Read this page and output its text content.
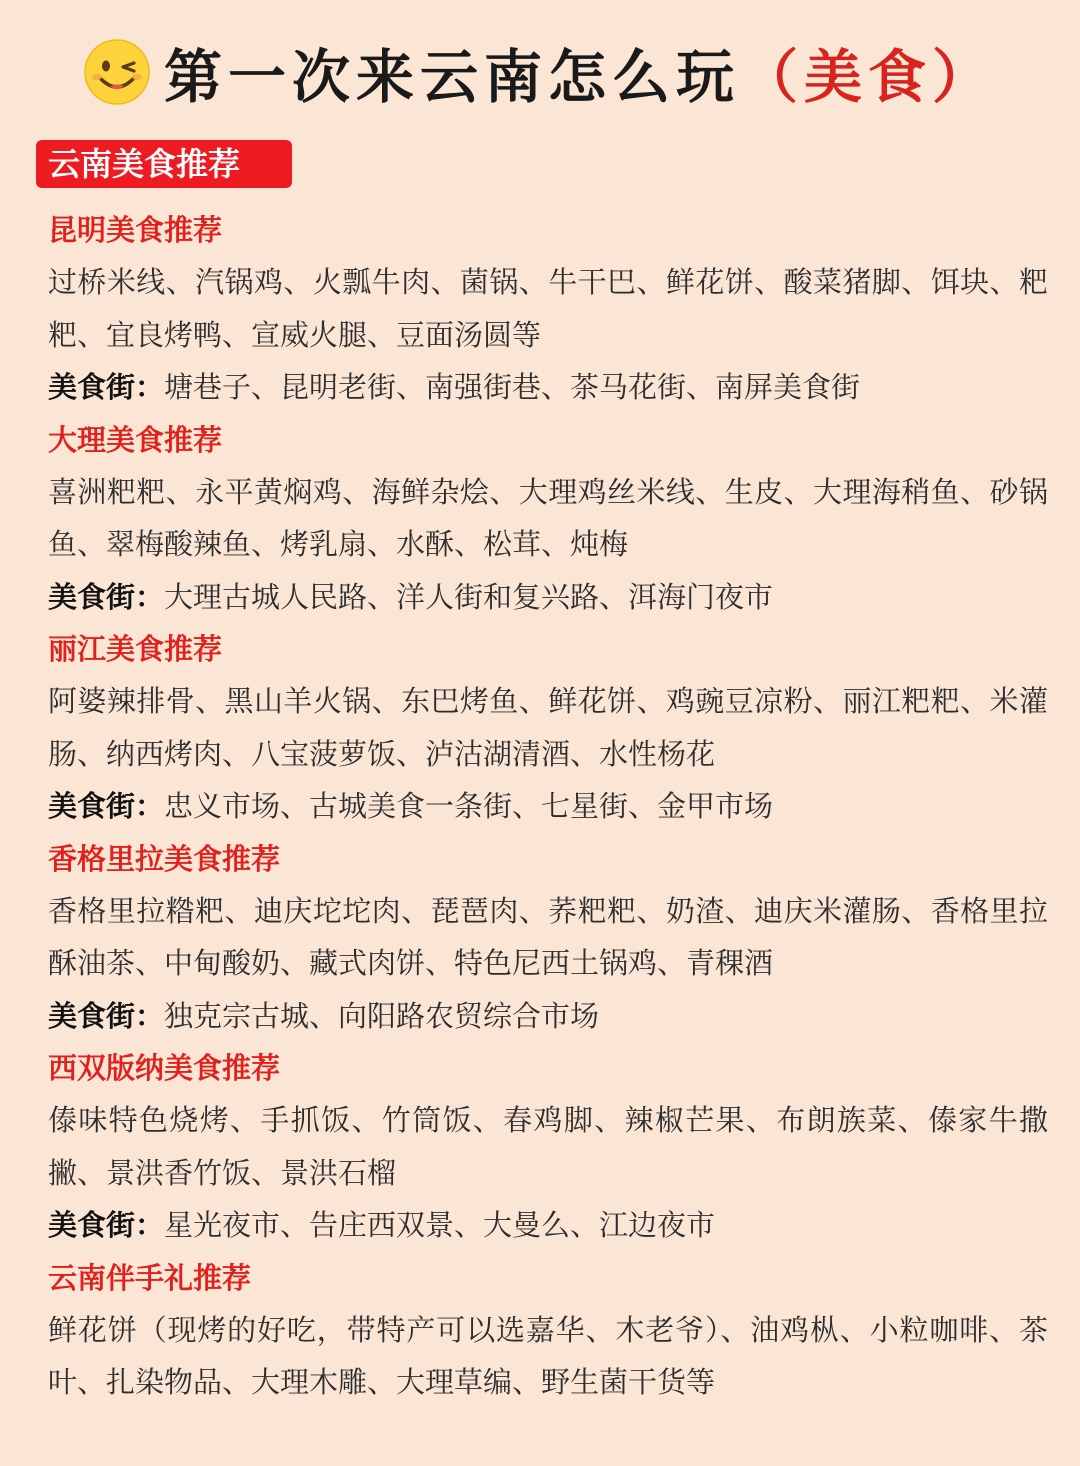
第一次来云南怎么玩（美食）
云南美食推荐
昆明美食推荐
过桥米线、汽锅鸡、火瓢牛肉、菌锅、牛干巴、鲜花饼、酸菜猪脚、饵块、粑粑、宜良烤鸭、宣威火腿、豆面汤圆等
美食街：塘巷子、昆明老街、南强街巷、茶马花街、南屏美食街
大理美食推荐
喜洲粑粑、永平黄焖鸡、海鲜杂烩、大理鸡丝米线、生皮、大理海稍鱼、砂锅鱼、翠梅酸辣鱼、烤乳扇、水酥、松茸、炖梅
美食街：大理古城人民路、洋人街和复兴路、洱海门夜市
丽江美食推荐
阿婆辣排骨、黑山羊火锅、东巴烤鱼、鲜花饼、鸡豌豆凉粉、丽江粑粑、米灌肠、纳西烤肉、八宝菠萝饭、泸沽湖清酒、水性杨花
美食街：忠义市场、古城美食一条街、七星街、金甲市场
香格里拉美食推荐
香格里拉糌粑、迪庆坨坨肉、琵琶肉、荞粑粑、奶渣、迪庆米灌肠、香格里拉酥油茶、中甸酸奶、藏式肉饼、特色尼西土锅鸡、青稞酒
美食街：独克宗古城、向阳路农贸综合市场
西双版纳美食推荐
傣味特色烧烤、手抓饭、竹筒饭、春鸡脚、辣椒芒果、布朗族菜、傣家牛撒撇、景洪香竹饭、景洪石榴
美食街：星光夜市、告庄西双景、大曼么、江边夜市
云南伴手礼推荐
鲜花饼（现烤的好吃，带特产可以选嘉华、木老爷）、油鸡枞、小粒咖啡、茶叶、扎染物品、大理木雕、大理草编、野生菌干货等
